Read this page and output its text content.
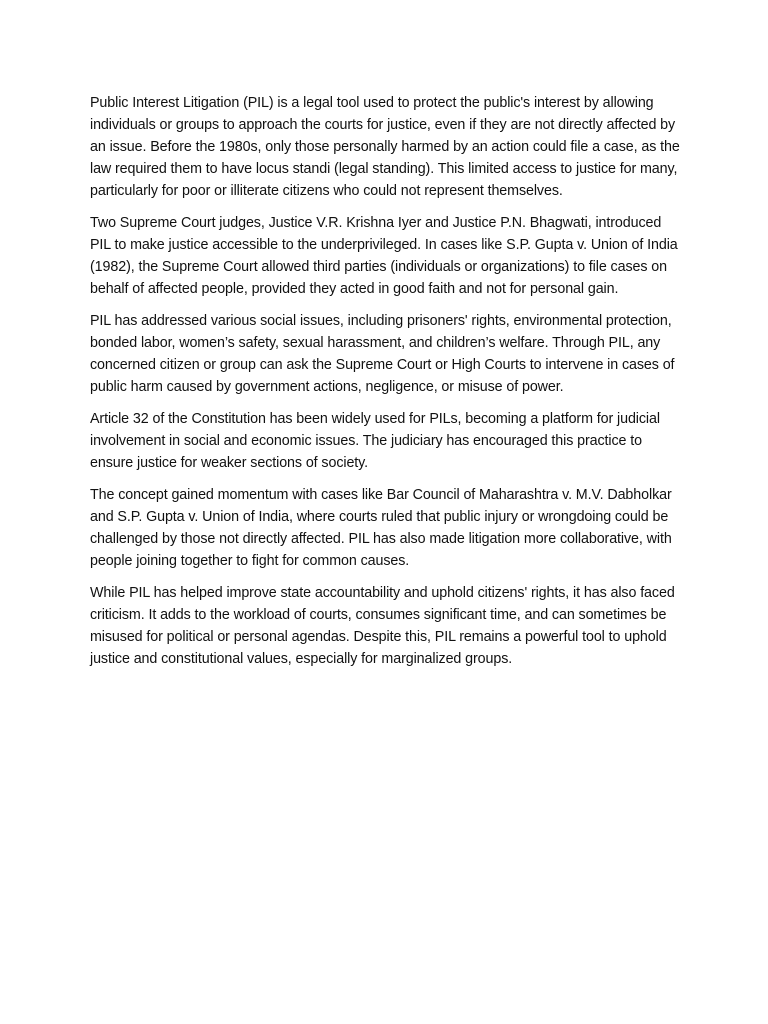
Public Interest Litigation (PIL) is a legal tool used to protect the public's interest by allowing individuals or groups to approach the courts for justice, even if they are not directly affected by an issue. Before the 1980s, only those personally harmed by an action could file a case, as the law required them to have locus standi (legal standing). This limited access to justice for many, particularly for poor or illiterate citizens who could not represent themselves.

Two Supreme Court judges, Justice V.R. Krishna Iyer and Justice P.N. Bhagwati, introduced PIL to make justice accessible to the underprivileged. In cases like S.P. Gupta v. Union of India (1982), the Supreme Court allowed third parties (individuals or organizations) to file cases on behalf of affected people, provided they acted in good faith and not for personal gain.

PIL has addressed various social issues, including prisoners' rights, environmental protection, bonded labor, women’s safety, sexual harassment, and children’s welfare. Through PIL, any concerned citizen or group can ask the Supreme Court or High Courts to intervene in cases of public harm caused by government actions, negligence, or misuse of power.

Article 32 of the Constitution has been widely used for PILs, becoming a platform for judicial involvement in social and economic issues. The judiciary has encouraged this practice to ensure justice for weaker sections of society.

The concept gained momentum with cases like Bar Council of Maharashtra v. M.V. Dabholkar and S.P. Gupta v. Union of India, where courts ruled that public injury or wrongdoing could be challenged by those not directly affected. PIL has also made litigation more collaborative, with people joining together to fight for common causes.

While PIL has helped improve state accountability and uphold citizens' rights, it has also faced criticism. It adds to the workload of courts, consumes significant time, and can sometimes be misused for political or personal agendas. Despite this, PIL remains a powerful tool to uphold justice and constitutional values, especially for marginalized groups.
